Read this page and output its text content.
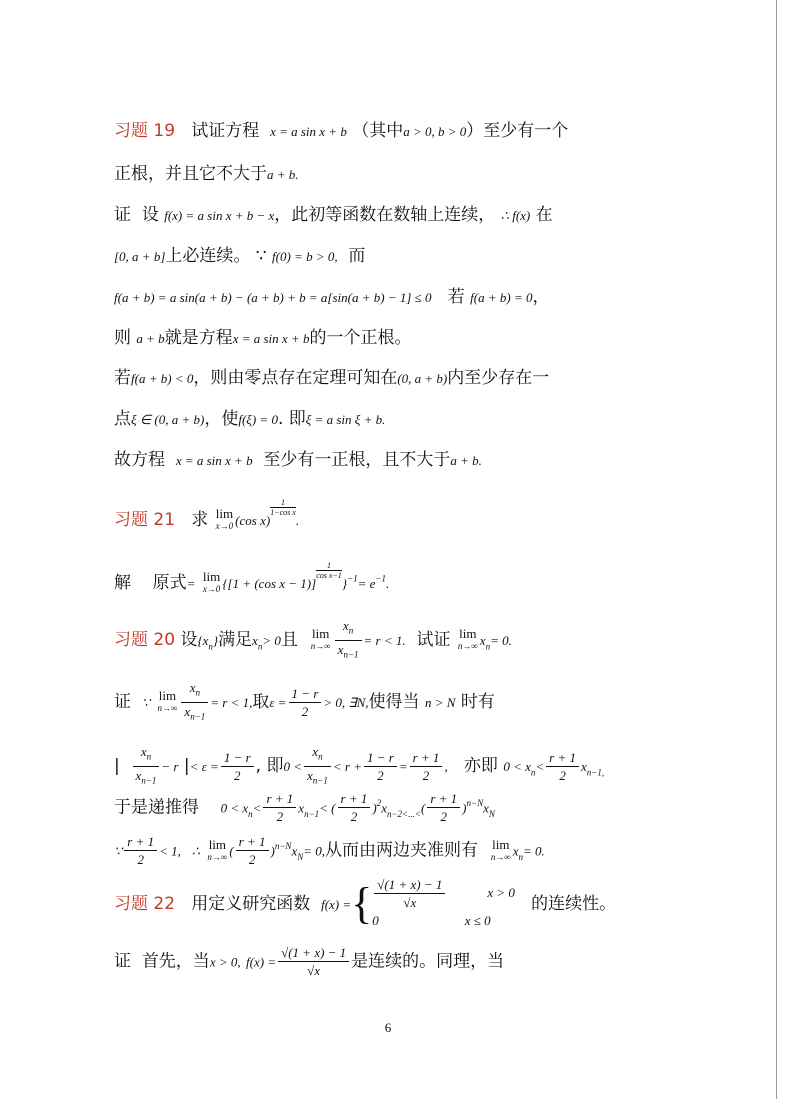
习题 19 试证方程 x = a sin x + b （其中a > 0, b > 0）至少有一个
正根，并且它不大于a + b.
证 设 f(x) = a sin x + b − x，此初等函数在数轴上连续， ∴ f(x) 在
[0, a + b]上必连续。 ∵ f(0) = b > 0, 而
f(a + b) = a sin(a + b) − (a + b) + b = a[sin(a + b) − 1] ≤ 0 若 f(a + b) = 0，
则 a + b就是方程x = a sin x + b的一个正根。
若f(a + b) < 0，则由零点存在定理可知在(0, a + b)内至少存在一
点ξ ∈ (0, a + b)，使f(ξ) = 0. 即ξ = a sin ξ + b.
故方程 x = a sin x + b 至少有一正根，且不大于a + b.
习题 21 求 lim
x→0 (cos x)
$\frac{1}{\text{1−cos x}}$.
解 原式= lim
x→0 {[1 + (cos x − 1)]
$\frac{1}{\text{cos x−1}}\}^{-1}= e^{-1}$.
习题 20 设$\{x_n\}$满足$x_n> 0$且 lim
$n\to\infty \frac{x_n}{x_{n-1}} = r < 1$. 试证 lim
n→∞ $x_n= 0$.
证 ∵ lim
$n\to\infty \frac{x_n}{x_{n-1}} = r < 1$,取$\varepsilon = \frac{1 - r}{2} > 0$, ∃N,使得当 n > N 时有
| $\frac{x_n}{x_{n-1}} - r$ |< $\varepsilon = \frac{1 - r}{2}$ , 即$0 < \frac{x_n}{x_{n-1}} < r + \frac{1 - r}{2} = \frac{r + 1}{2}$ , 亦即 $0 < x_n< \frac{r + 1}{2} x_{n-1,}$
于是递推得 $0 < x_n< \frac{r + 1}{2} x_{n-1}<$ ( $\frac{r + 1}{2} )^2x_{n-2<...<}( \frac{r + 1}{2} )^{n-N}x_N$
∵ $\frac{r + 1}{2} < 1$, ∴ lim
n→∞ ( $\frac{r + 1}{2} )^{n-N}x_N= 0$,从而由两边夹准则有 lim
n→∞ $x_n= 0$.
习题 22 用定义研究函数 f(x) ={ $\frac{√(1 + x) - 1}{√x}$	x > 0
0	x ≤ 0
的连续性。
证 首先，当x > 0, $f(x) = \frac{√(1 + x) - 1}{√x}$ 是连续的。同理，当
6
